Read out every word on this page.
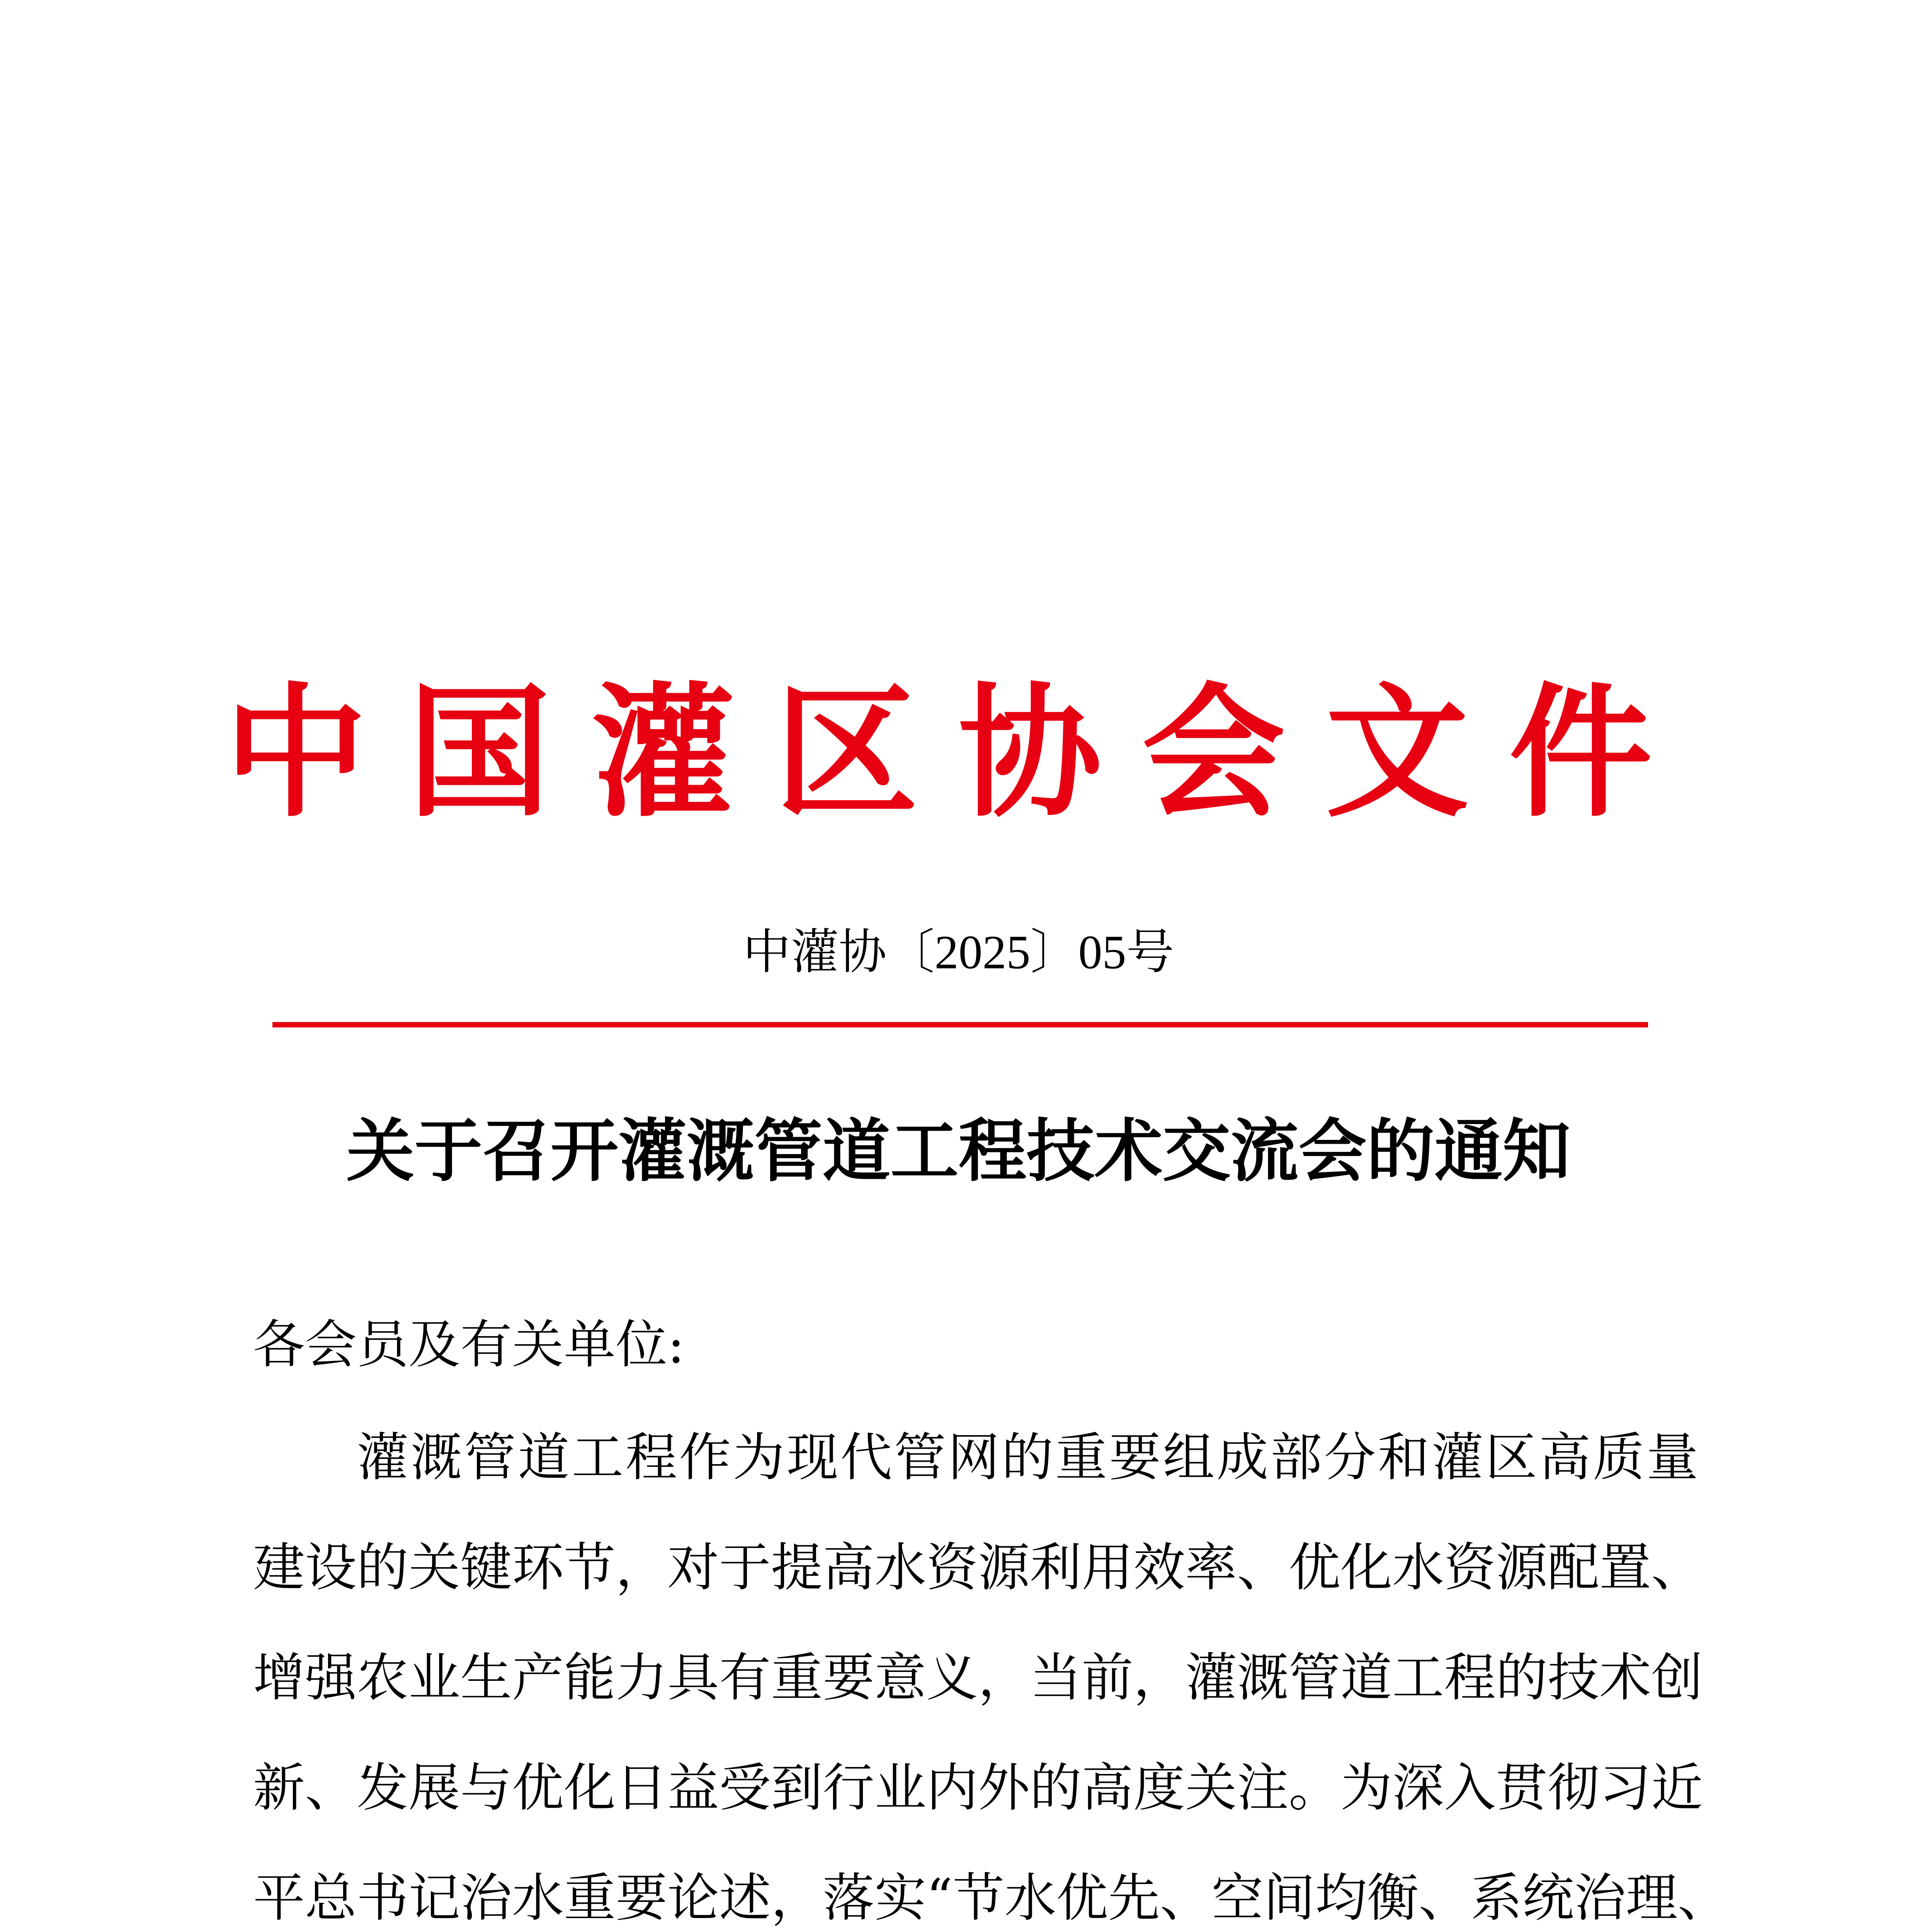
中国灌区协会文件
中灌协〔2025〕05号
关于召开灌溉管道工程技术交流会的通知
各会员及有关单位:
灌溉管道工程作为现代管网的重要组成部分和灌区高质量
建设的关键环节，对于提高水资源利用效率、优化水资源配置、
增强农业生产能力具有重要意义，当前，灌溉管道工程的技术创
新、发展与优化日益受到行业内外的高度关注。为深入贯彻习近
平总书记治水重要论述，落实“节水优先、空间均衡、系统治理、
